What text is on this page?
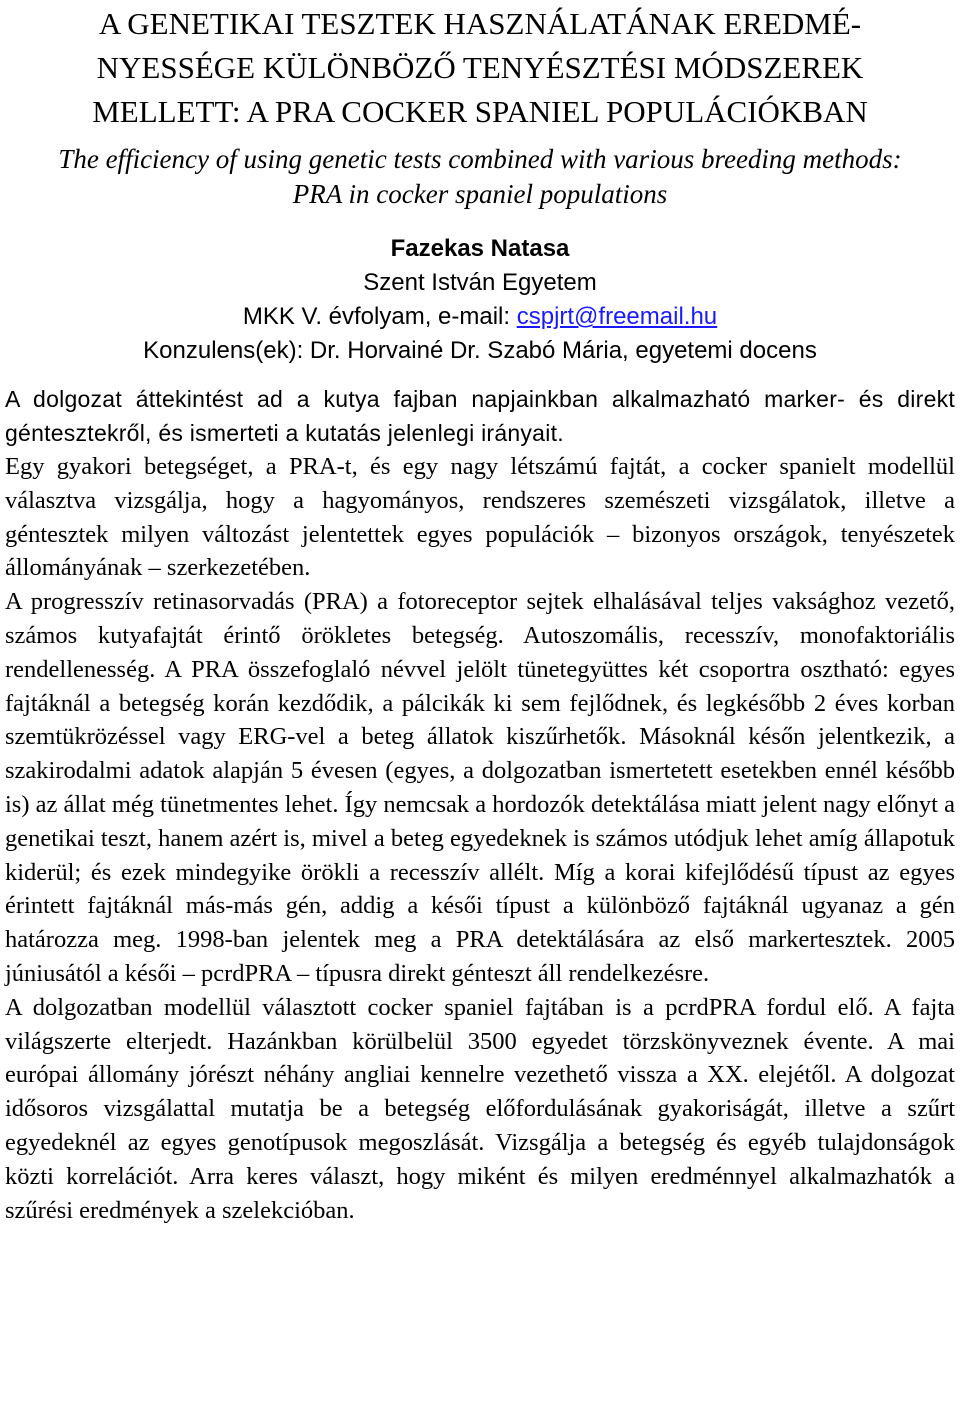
A GENETIKAI TESZTEK HASZNÁLATÁNAK EREDMÉ-
NYESSÉGE KÜLÖNBÖZŐ TENYÉSZTÉSI MÓDSZEREK
MELLETT: A PRA COCKER SPANIEL POPULÁCIÓKBAN
The efficiency of using genetic tests combined with various breeding methods:
PRA in cocker spaniel populations
Fazekas Natasa
Szent István Egyetem
MKK V. évfolyam, e-mail: cspjrt@freemail.hu
Konzulens(ek): Dr. Horvainé Dr. Szabó Mária, egyetemi docens

A dolgozat áttekintést ad a kutya fajban napjainkban alkalmazható marker- és direkt géntesztekről, és ismerteti a kutatás jelenlegi irányait.

Egy gyakori betegséget, a PRA-t, és egy nagy létszámú fajtát, a cocker spanielt modellül választva vizsgálja, hogy a hagyományos, rendszeres szemészeti vizsgálatok, illetve a géntesztek milyen változást jelentettek egyes populációk – bizonyos országok, tenyészetek állományának – szerkezetében.

A progresszív retinasorvadás (PRA) a fotoreceptor sejtek elhalásával teljes vaksághoz vezető, számos kutyafajtát érintő örökletes betegség. Autoszomális, recesszív, monofaktoriális rendellenesség. A PRA összefoglaló névvel jelölt tünetegyüttes két csoportra osztható: egyes fajtáknál a betegség korán kezdődik, a pálcikák ki sem fejlődnek, és legkésőbb 2 éves korban szemtükrözéssel vagy ERG-vel a beteg állatok kiszűrhetők. Másoknál későn jelentkezik, a szakirodalmi adatok alapján 5 évesen (egyes, a dolgozatban ismertetett esetekben ennél később is) az állat még tünetmentes lehet. Így nemcsak a hordozók detektálása miatt jelent nagy előnyt a genetikai teszt, hanem azért is, mivel a beteg egyedeknek is számos utódjuk lehet amíg állapotuk kiderül; és ezek mindegyike örökli a recesszív allélt. Míg a korai kifejlődésű típust az egyes érintett fajtáknál más-más gén, addig a késői típust a különböző fajtáknál ugyanaz a gén határozza meg. 1998-ban jelentek meg a PRA detektálására az első markertesztek. 2005 júniusától a késői – pcrdPRA – típusra direkt génteszt áll rendelkezésre.

A dolgozatban modellül választott cocker spaniel fajtában is a pcrdPRA fordul elő. A fajta világszerte elterjedt. Hazánkban körülbelül 3500 egyedet törzskönyveznek évente. A mai európai állomány jórészt néhány angliai kennelre vezethető vissza a XX. elejétől. A dolgozat idősoros vizsgálattal mutatja be a betegség előfordulásának gyakoriságát, illetve a szűrt egyedeknél az egyes genotípusok megoszlását. Vizsgálja a betegség és egyéb tulajdonságok közti korrelációt. Arra keres választ, hogy miként és milyen eredménnyel alkalmazhatók a szűrési eredmények a szelekcióban.
